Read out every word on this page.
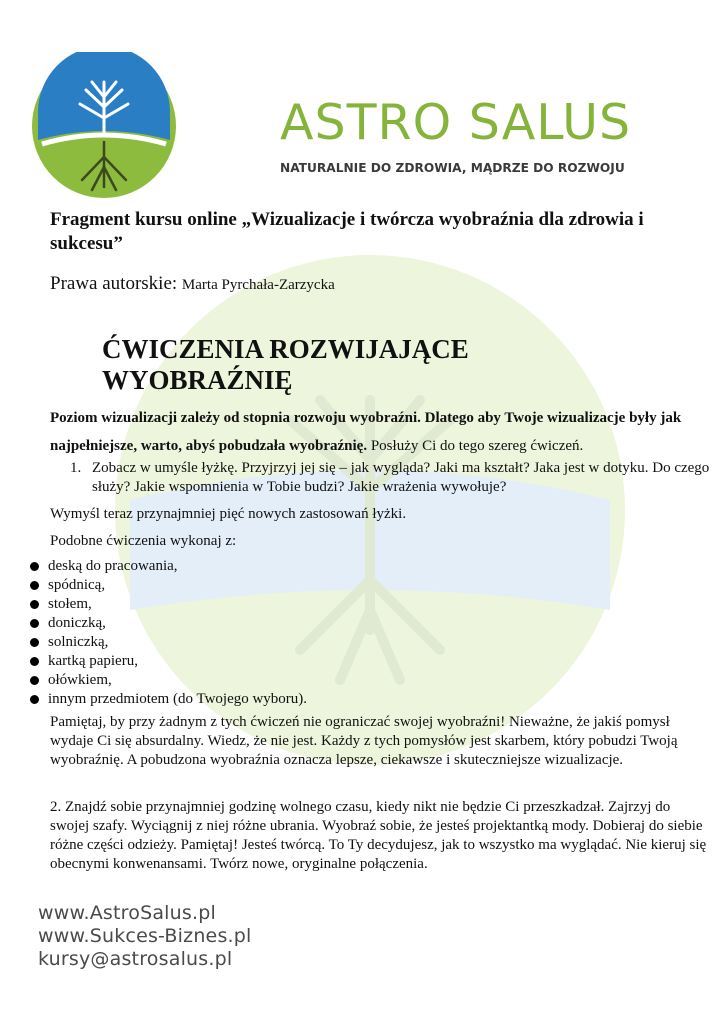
ASTRO SALUS
NATURALNIE DO ZDROWIA, MĄDRZE DO ROZWOJU
Fragment kursu online „Wizualizacje i twórcza wyobraźnia dla zdrowia i sukcesu”

Prawa autorskie: Marta Pyrchała-Zarzycka

ĆWICZENIA ROZWIJAJĄCE WYOBRAŹNIĘ

Poziom wizualizacji zależy od stopnia rozwoju wyobraźni. Dlatego aby Twoje wizualizacje były jak najpełniejsze, warto, abyś pobudzała wyobraźnię. Posłuży Ci do tego szereg ćwiczeń.

1. Zobacz w umyśle łyżkę. Przyjrzyj jej się – jak wygląda? Jaki ma kształt? Jaka jest w dotyku. Do czego służy? Jakie wspomnienia w Tobie budzi? Jakie wrażenia wywołuje?

Wymyśl teraz przynajmniej pięć nowych zastosowań łyżki.

Podobne ćwiczenia wykonaj z:

deską do pracowania,
spódnicą,
stołem,
doniczką,
solniczką,
kartką papieru,
ołówkiem,
innym przedmiotem (do Twojego wyboru).

Pamiętaj, by przy żadnym z tych ćwiczeń nie ograniczać swojej wyobraźni! Nieważne, że jakiś pomysł wydaje Ci się absurdalny. Wiedz, że nie jest. Każdy z tych pomysłów jest skarbem, który pobudzi Twoją wyobraźnię. A pobudzona wyobraźnia oznacza lepsze, ciekawsze i skuteczniejsze wizualizacje.

2. Znajdź sobie przynajmniej godzinę wolnego czasu, kiedy nikt nie będzie Ci przeszkadzał. Zajrzyj do swojej szafy. Wyciągnij z niej różne ubrania. Wyobraź sobie, że jesteś projektantką mody. Dobieraj do siebie różne części odzieży. Pamiętaj! Jesteś twórcą. To Ty decydujesz, jak to wszystko ma wyglądać. Nie kieruj się obecnymi konwenansami. Twórz nowe, oryginalne połączenia.

www.AstroSalus.pl
www.Sukces-Biznes.pl
kursy@astrosalus.pl
